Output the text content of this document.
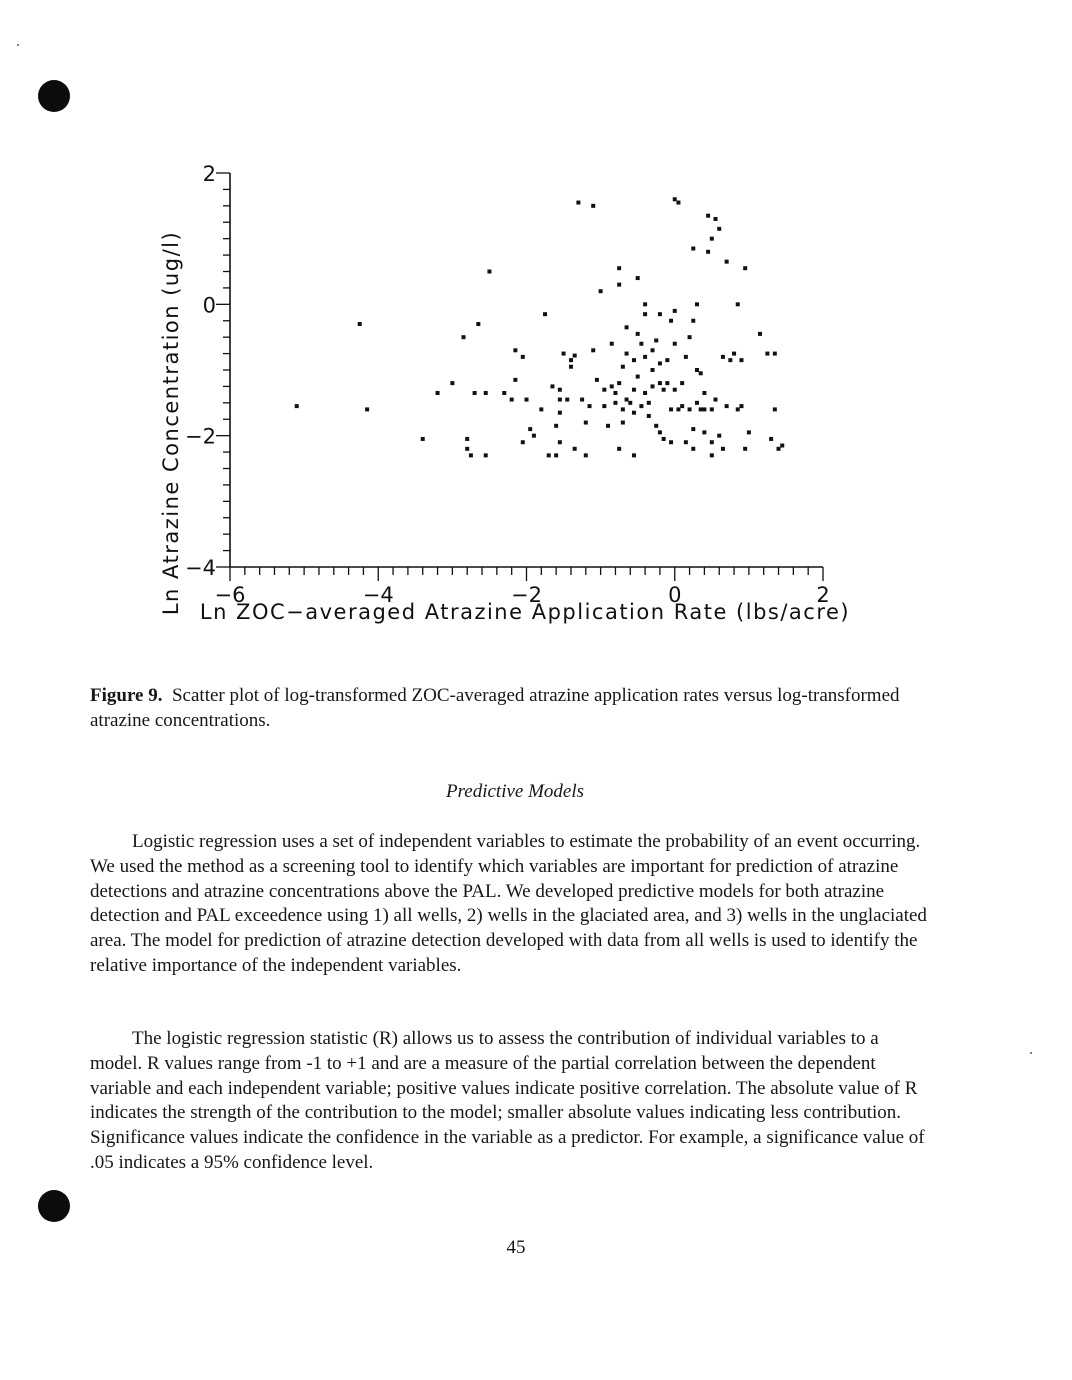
−6	−4	−2	0	2
−4
−2
0
2
Ln Atrazine Concentration (ug/l) Ln ZOC−averaged Atrazine Application Rate (lbs/acre)
Figure 9. Scatter plot of log-transformed ZOC-averaged atrazine application rates versus log-transformed atrazine concentrations.
Predictive Models
Logistic regression uses a set of independent variables to estimate the probability of an event occurring. We used the method as a screening tool to identify which variables are important for prediction of atrazine detections and atrazine concentrations above the PAL. We developed predictive models for both atrazine detection and PAL exceedence using 1) all wells, 2) wells in the glaciated area, and 3) wells in the unglaciated area. The model for prediction of atrazine detection developed with data from all wells is used to identify the relative importance of the independent variables.
The logistic regression statistic (R) allows us to assess the contribution of individual variables to a model. R values range from -1 to +1 and are a measure of the partial correlation between the dependent variable and each independent variable; positive values indicate positive correlation. The absolute value of R indicates the strength of the contribution to the model; smaller absolute values indicating less contribution. Significance values indicate the confidence in the variable as a predictor. For example, a significance value of .05 indicates a 95% confidence level.
45
